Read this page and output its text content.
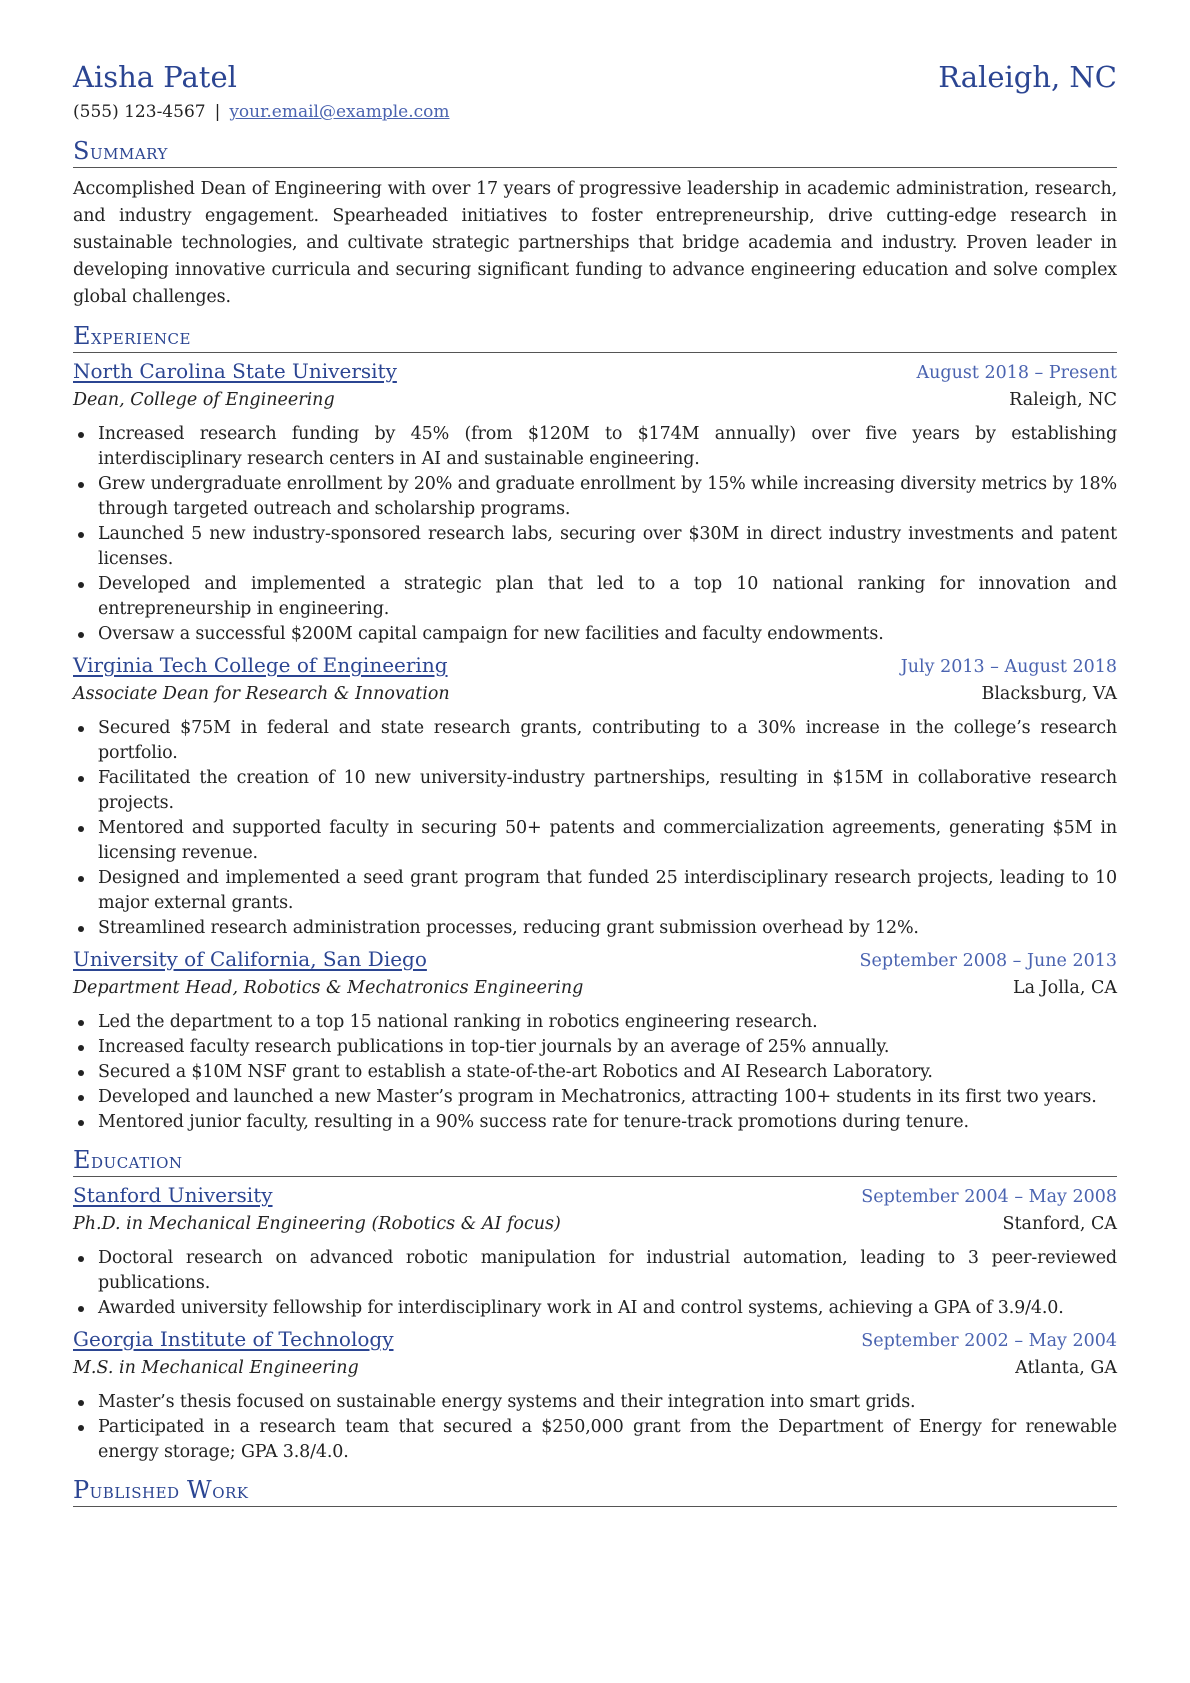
Aisha Patel	Raleigh, NC
(555) 123-4567 | your.email@example.com
Summary
Accomplished Dean of Engineering with over 17 years of progressive leadership in academic administration, research, and industry engagement. Spearheaded initiatives to foster entrepreneurship, drive cutting-edge research in sustainable technologies, and cultivate strategic partnerships that bridge academia and industry. Proven leader in developing innovative curricula and securing significant funding to advance engineering education and solve complex global challenges.
Experience
North Carolina State University	August 2018 – Present
Dean, College of Engineering	Raleigh, NC
Increased research funding by 45% (from $120M to $174M annually) over five years by establishing interdisciplinary research centers in AI and sustainable engineering.
Grew undergraduate enrollment by 20% and graduate enrollment by 15% while increasing diversity metrics by 18% through targeted outreach and scholarship programs.
Launched 5 new industry-sponsored research labs, securing over $30M in direct industry investments and patent licenses.
Developed and implemented a strategic plan that led to a top 10 national ranking for innovation and entrepreneurship in engineering.
Oversaw a successful $200M capital campaign for new facilities and faculty endowments.
Virginia Tech College of Engineering	July 2013 – August 2018
Associate Dean for Research & Innovation	Blacksburg, VA
Secured $75M in federal and state research grants, contributing to a 30% increase in the college’s research portfolio.
Facilitated the creation of 10 new university-industry partnerships, resulting in $15M in collaborative research projects.
Mentored and supported faculty in securing 50+ patents and commercialization agreements, generating $5M in licensing revenue.
Designed and implemented a seed grant program that funded 25 interdisciplinary research projects, leading to 10 major external grants.
Streamlined research administration processes, reducing grant submission overhead by 12%.
University of California, San Diego	September 2008 – June 2013
Department Head, Robotics & Mechatronics Engineering	La Jolla, CA
Led the department to a top 15 national ranking in robotics engineering research.
Increased faculty research publications in top-tier journals by an average of 25% annually.
Secured a $10M NSF grant to establish a state-of-the-art Robotics and AI Research Laboratory.
Developed and launched a new Master’s program in Mechatronics, attracting 100+ students in its first two years.
Mentored junior faculty, resulting in a 90% success rate for tenure-track promotions during tenure.
Education
Stanford University	September 2004 – May 2008
Ph.D. in Mechanical Engineering (Robotics & AI focus)	Stanford, CA
Doctoral research on advanced robotic manipulation for industrial automation, leading to 3 peer-reviewed publications.
Awarded university fellowship for interdisciplinary work in AI and control systems, achieving a GPA of 3.9/4.0.
Georgia Institute of Technology	September 2002 – May 2004
M.S. in Mechanical Engineering	Atlanta, GA
Master’s thesis focused on sustainable energy systems and their integration into smart grids.
Participated in a research team that secured a $250,000 grant from the Department of Energy for renewable energy storage; GPA 3.8/4.0.
Published Work
